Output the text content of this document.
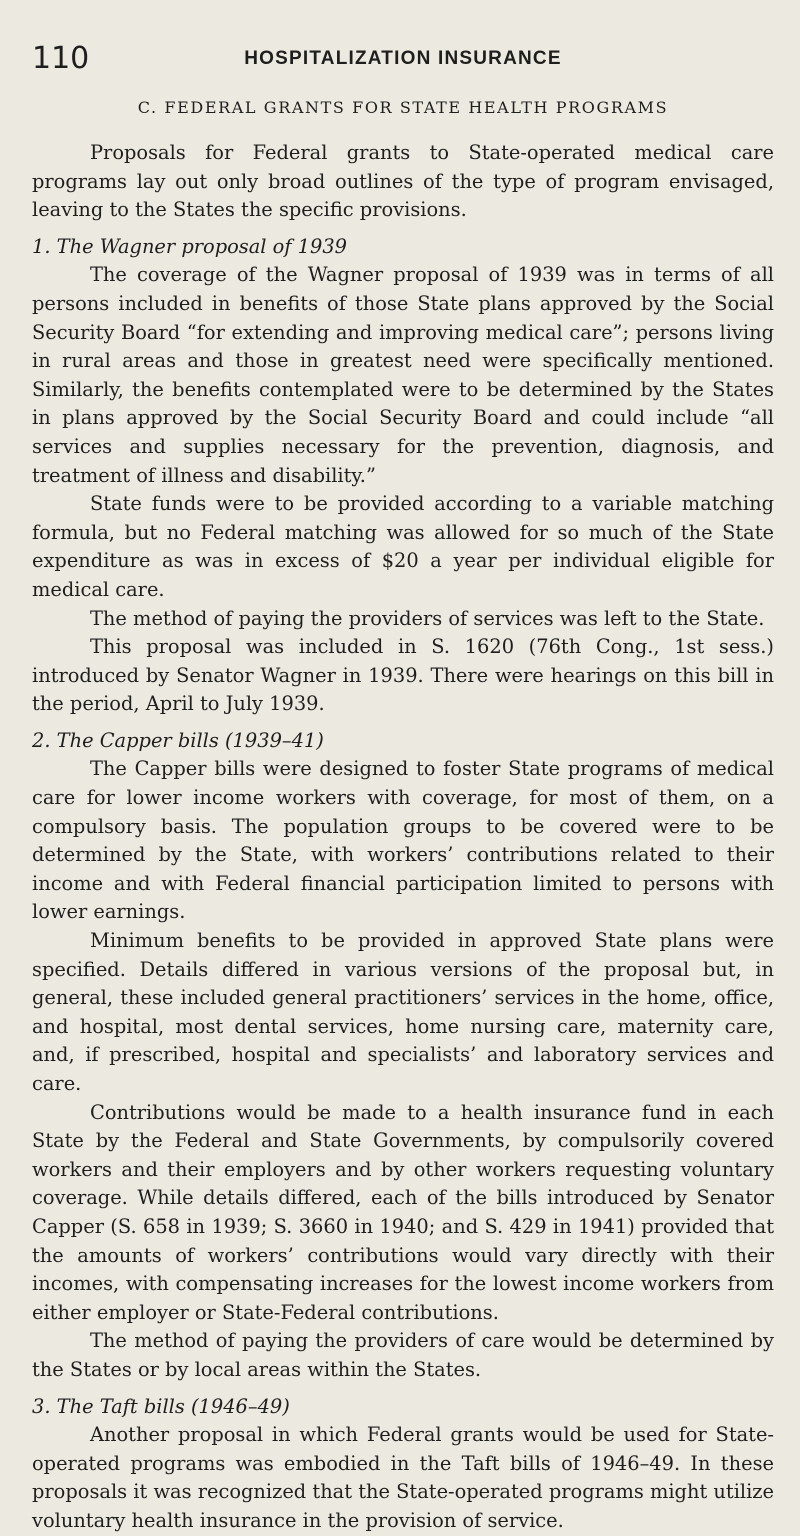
110	HOSPITALIZATION INSURANCE
C. FEDERAL GRANTS FOR STATE HEALTH PROGRAMS

Proposals for Federal grants to State-operated medical care programs lay out only broad outlines of the type of program envisaged, leaving to the States the specific provisions.

1. The Wagner proposal of 1939

The coverage of the Wagner proposal of 1939 was in terms of all persons included in benefits of those State plans approved by the Social Security Board “for extending and improving medical care”; persons living in rural areas and those in greatest need were specifically mentioned. Similarly, the benefits contemplated were to be determined by the States in plans approved by the Social Security Board and could include “all services and supplies necessary for the prevention, diagnosis, and treatment of illness and disability.”

State funds were to be provided according to a variable matching formula, but no Federal matching was allowed for so much of the State expenditure as was in excess of $20 a year per individual eligible for medical care.

The method of paying the providers of services was left to the State.

This proposal was included in S. 1620 (76th Cong., 1st sess.) introduced by Senator Wagner in 1939. There were hearings on this bill in the period, April to July 1939.

2. The Capper bills (1939–41)

The Capper bills were designed to foster State programs of medical care for lower income workers with coverage, for most of them, on a compulsory basis. The population groups to be covered were to be determined by the State, with workers’ contributions related to their income and with Federal financial participation limited to persons with lower earnings.

Minimum benefits to be provided in approved State plans were specified. Details differed in various versions of the proposal but, in general, these included general practitioners’ services in the home, office, and hospital, most dental services, home nursing care, maternity care, and, if prescribed, hospital and specialists’ and laboratory services and care.

Contributions would be made to a health insurance fund in each State by the Federal and State Governments, by compulsorily covered workers and their employers and by other workers requesting voluntary coverage. While details differed, each of the bills introduced by Senator Capper (S. 658 in 1939; S. 3660 in 1940; and S. 429 in 1941) provided that the amounts of workers’ contributions would vary directly with their incomes, with compensating increases for the lowest income workers from either employer or State-Federal contributions.

The method of paying the providers of care would be determined by the States or by local areas within the States.

3. The Taft bills (1946–49)

Another proposal in which Federal grants would be used for State-operated programs was embodied in the Taft bills of 1946–49. In these proposals it was recognized that the State-operated programs might utilize voluntary health insurance in the provision of service.
